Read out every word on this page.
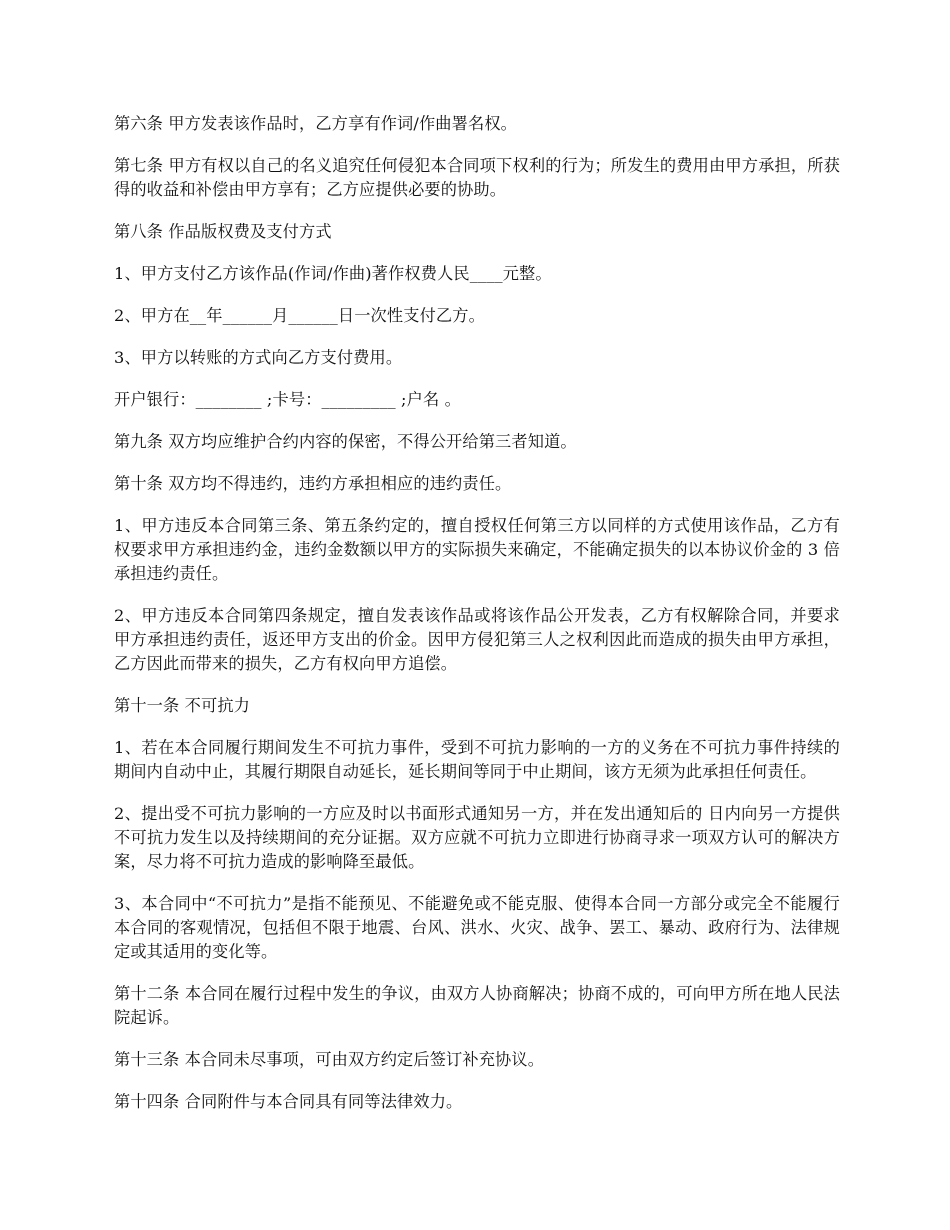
第六条 甲方发表该作品时，乙方享有作词/作曲署名权。

第七条 甲方有权以自己的名义追究任何侵犯本合同项下权利的行为；所发生的费用由甲方承担，所获得的收益和补偿由甲方享有；乙方应提供必要的协助。

第八条 作品版权费及支付方式

1、甲方支付乙方该作品(作词/作曲)著作权费人民____元整。

2、甲方在__年______月______日一次性支付乙方。

3、甲方以转账的方式向乙方支付费用。

开户银行：________ ;卡号：_________ ;户名 。

第九条 双方均应维护合约内容的保密，不得公开给第三者知道。

第十条 双方均不得违约，违约方承担相应的违约责任。

1、甲方违反本合同第三条、第五条约定的，擅自授权任何第三方以同样的方式使用该作品，乙方有权要求甲方承担违约金，违约金数额以甲方的实际损失来确定，不能确定损失的以本协议价金的 3 倍承担违约责任。

2、甲方违反本合同第四条规定，擅自发表该作品或将该作品公开发表，乙方有权解除合同，并要求甲方承担违约责任，返还甲方支出的价金。因甲方侵犯第三人之权利因此而造成的损失由甲方承担，乙方因此而带来的损失，乙方有权向甲方追偿。

第十一条 不可抗力

1、若在本合同履行期间发生不可抗力事件，受到不可抗力影响的一方的义务在不可抗力事件持续的期间内自动中止，其履行期限自动延长，延长期间等同于中止期间，该方无须为此承担任何责任。

2、提出受不可抗力影响的一方应及时以书面形式通知另一方，并在发出通知后的 日内向另一方提供不可抗力发生以及持续期间的充分证据。双方应就不可抗力立即进行协商寻求一项双方认可的解决方案，尽力将不可抗力造成的影响降至最低。

3、本合同中“不可抗力”是指不能预见、不能避免或不能克服、使得本合同一方部分或完全不能履行本合同的客观情况，包括但不限于地震、台风、洪水、火灾、战争、罢工、暴动、政府行为、法律规定或其适用的变化等。

第十二条 本合同在履行过程中发生的争议，由双方人协商解决；协商不成的，可向甲方所在地人民法院起诉。

第十三条 本合同未尽事项，可由双方约定后签订补充协议。

第十四条 合同附件与本合同具有同等法律效力。
